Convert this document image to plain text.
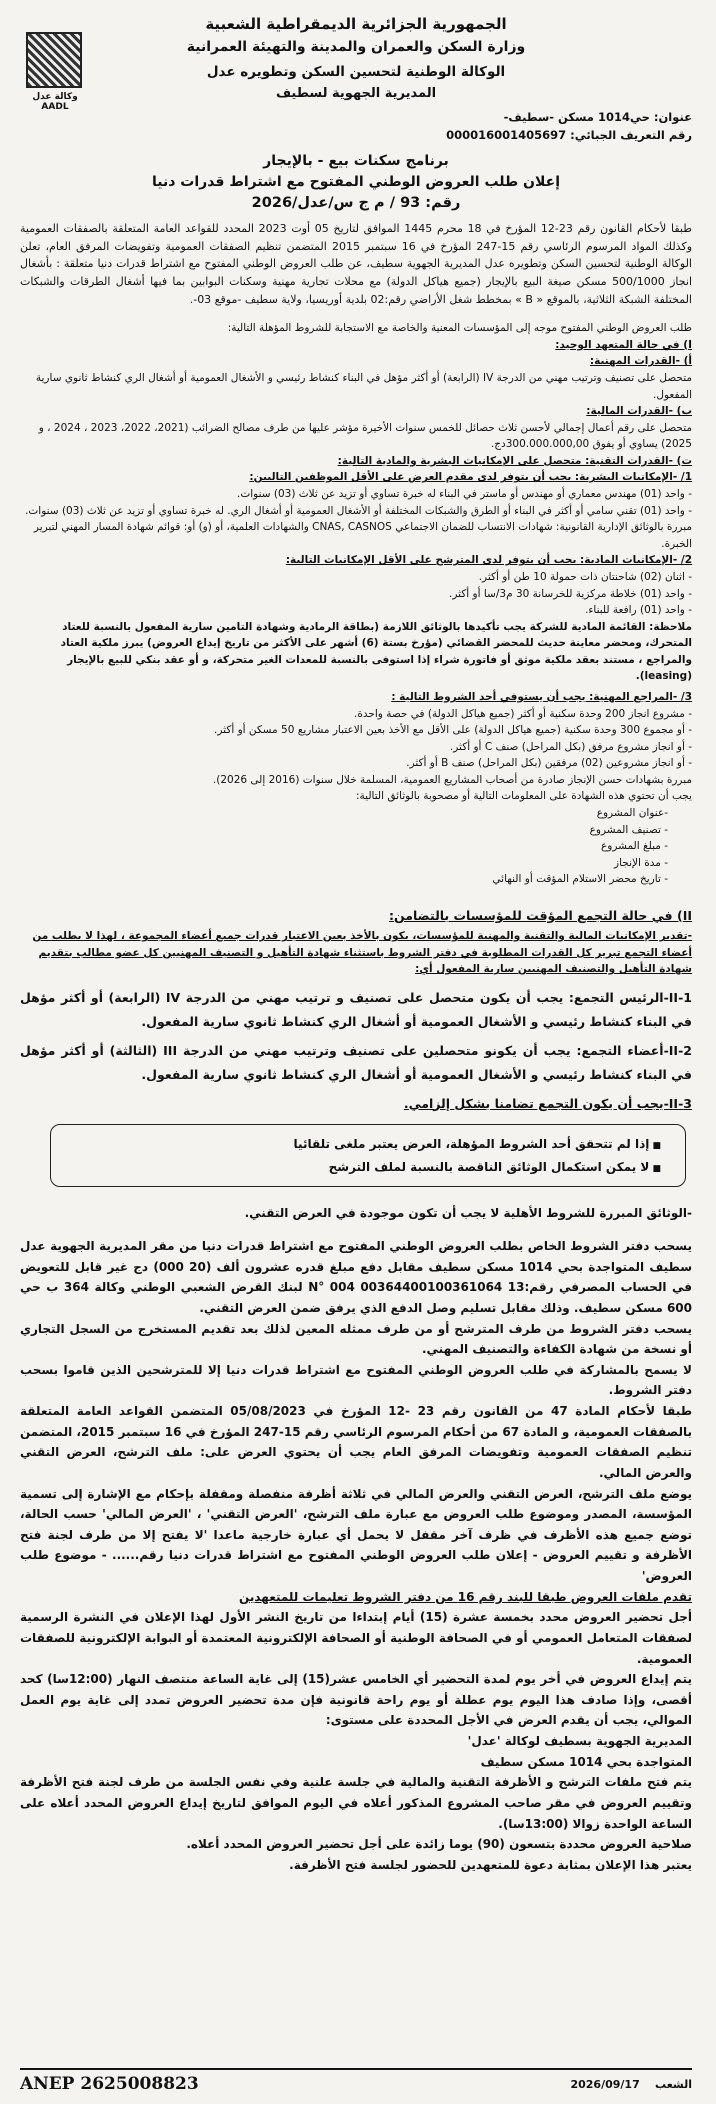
وكالة عدل AADL

الجمهورية الجزائرية الديمقراطية الشعبية

وزارة السكن والعمران والمدينة والتهيئة العمرانية

الوكالة الوطنية لتحسين السكن وتطويره عدل

المديرية الجهوية لسطيف

عنوان: حي1014 مسكن -سطيف-

رقم التعريف الجبائي: 000016001405697

برنامج سكنات بيع - بالإيجار

إعلان طلب العروض الوطني المفتوح مع اشتراط قدرات دنيا

رقم: 93 / م ج س/عدل/2026

طبقا لأحكام القانون رقم 23-12 المؤرخ في 18 محرم 1445 الموافق لتاريخ 05 أوت 2023 المحدد للقواعد العامة المتعلقة بالصفقات العمومية وكذلك المواد المرسوم الرئاسي رقم 15-247 المؤرخ في 16 سبتمبر 2015 المتضمن تنظيم الصفقات العمومية وتفويضات المرفق العام، تعلن الوكالة الوطنية لتحسين السكن وتطويره عدل المديرية الجهوية سطيف، عن طلب العروض الوطني المفتوح مع اشتراط قدرات دنيا متعلقة : بأشغال انجاز 500/1000 مسكن صيغة البيع بالإيجار (جميع هياكل الدولة) مع محلات تجارية مهنية وسكنات البوابين بما فيها أشغال الطرقات والشبكات المختلفة الشبكة الثلاثية، بالموقع « B » بمخطط شغل الأراضي رقم:02 بلدية أوريسيا، ولاية سطيف -موقع 03-.

طلب العروض الوطني المفتوح موجه إلى المؤسسات المعنية والخاصة مع الاستجابة للشروط المؤهلة التالية:

I) في حالة المتعهد الوحيد:

أ) -القدرات المهنية:

متحصل على تصنيف وترتيب مهني من الدرجة IV (الرابعة) أو أكثر مؤهل في البناء كنشاط رئيسي و الأشغال العمومية أو أشغال الري كنشاط ثانوي سارية المفعول.

ب) -القدرات المالية:

متحصل على رقم أعمال إجمالي لأحسن ثلاث حصائل للخمس سنوات الأخيرة مؤشر عليها من طرف مصالح الضرائب (2021، 2022، 2023 ، 2024 ، و 2025) يساوي أو يفوق 300.000.000,00دج.

ت) -القدرات التقنية: متحصل على الإمكانيات البشرية والمادية التالية:

1/ -الإمكانيات البشرية: يجب أن يتوفر لدى مقدم العرض على الأقل الموظفين التاليين:

- واحد (01) مهندس معماري أو مهندس أو ماستر في البناء له خبرة تساوي أو تزيد عن ثلاث (03) سنوات.
- واحد (01) تقني سامي أو أكثر في البناء أو الطرق والشبكات المختلفة أو الأشغال العمومية أو أشغال الري. له خبرة تساوي أو تزيد عن ثلاث (03) سنوات.
مبررة بالوثائق الإدارية القانونية: شهادات الانتساب للضمان الاجتماعي CNAS, CASNOS والشهادات العلمية، أو (و) أو: قوائم شهادة المسار المهني لتبرير الخبرة.

2/ -الإمكانيات المادية: يجب أن يتوفر لدى المترشح على الأقل الإمكانيات التالية:

- اثنان (02) شاحنتان ذات حمولة 10 طن أو أكثر.
- واحد (01) خلاطة مركزية للخرسانة 30 م3/سا أو أكثر.
- واحد (01) رافعة للبناء.

ملاحظة: القائمة المادية للشركة يجب تأكيدها بالوثائق اللازمة (بطاقة الرمادية وشهادة التامين سارية المفعول بالنسبة للعتاد المتحرك، ومحضر معاينة حديث للمحضر القضائي (مؤرخ بستة (6) أشهر على الأكثر من تاريخ إيداع العروض) يبرز ملكية العتاد والمراجع ، مستند بعقد ملكية موثق أو فاتورة شراء إذا استوفى بالنسبة للمعدات الغير متحركة، و أو عقد بنكي للبيع بالإيجار (leasing).

3/ -المراجع المهنية: يجب أن يستوفي أحد الشروط التالية :

- مشروع انجاز 200 وحدة سكنية أو أكثر (جميع هياكل الدولة) في حصة واحدة.
- أو مجموع 300 وحدة سكنية (جميع هياكل الدولة) على الأقل مع الأخذ بعين الاعتبار مشاريع 50 مسكن أو أكثر.
- أو انجاز مشروع مرفق (بكل المراحل) صنف C أو أكثر.
- أو انجاز مشروعين (02) مرفقين (بكل المراحل) صنف B أو أكثر.
مبررة بشهادات حسن الإنجاز صادرة من أصحاب المشاريع العمومية، المسلمة خلال سنوات (2016 إلى 2026).
يجب أن تحتوي هذه الشهادة على المعلومات التالية أو مصحوبة بالوثائق التالية:
-عنوان المشروع
- تصنيف المشروع
- مبلغ المشروع
- مدة الإنجاز
- تاريخ محضر الاستلام المؤقت أو النهائي

II) في حالة التجمع المؤقت للمؤسسات بالتضامن:

-تقدير الإمكانيات المالية والتقنية والمهنية للمؤسسات، يكون بالأخذ بعين الاعتبار قدرات جميع أعضاء المجموعة ، لهذا لا يطلب من أعضاء التجمع تبرير كل القدرات المطلوبة في دفتر الشروط باستثناء شهادة التأهيل و التصنيف المهنيين كل عضو مطالب بتقديم شهادة التأهيل والتصنيف المهنيين سارية المفعول أي:

1-II-الرئيس التجمع: يجب أن يكون متحصل على تصنيف و ترتيب مهني من الدرجة IV (الرابعة) أو أكثر مؤهل في البناء كنشاط رئيسي و الأشغال العمومية أو أشغال الري كنشاط ثانوي سارية المفعول.

2-II-أعضاء التجمع: يجب أن يكونو متحصلين على تصنيف وترتيب مهني من الدرجة III (الثالثة) أو أكثر مؤهل في البناء كنشاط رئيسي و الأشغال العمومية أو أشغال الري كنشاط ثانوي سارية المفعول.

3-II-يجب أن يكون التجمع تضامنا بشكل إلزامي.

■ إذا لم تتحقق أحد الشروط المؤهلة، العرض يعتبر ملغى تلقائيا
■ لا يمكن استكمال الوثائق الناقصة بالنسبة لملف الترشح

-الوثائق المبررة للشروط الأهلية لا يجب أن تكون موجودة في العرض التقني.

يسحب دفتر الشروط الخاص بطلب العروض الوطني المفتوح مع اشتراط قدرات دنيا من مقر المديرية الجهوية عدل سطيف المتواجدة بحي 1014 مسكن سطيف مقابل دفع مبلغ قدره عشرون ألف (20 000) دج غير قابل للتعويض في الحساب المصرفي رقم:13 00364400100361064 N° 004 لبنك القرض الشعبي الوطني وكالة 364 ب حي 600 مسكن سطيف. وذلك مقابل تسليم وصل الدفع الذي يرفق ضمن العرض التقني.

يسحب دفتر الشروط من طرف المترشح أو من طرف ممثله المعين لذلك بعد تقديم المستخرج من السجل التجاري أو نسخة من شهادة الكفاءة والتصنيف المهني.

لا يسمح بالمشاركة في طلب العروض الوطني المفتوح مع اشتراط قدرات دنيا إلا للمترشحين الذين قاموا بسحب دفتر الشروط.

طبقا لأحكام المادة 47 من القانون رقم 23 -12 المؤرخ في 05/08/2023 المتضمن القواعد العامة المتعلقة بالصفقات العمومية، و المادة 67 من أحكام المرسوم الرئاسي رقم 15-247 المؤرخ في 16 سبتمبر 2015، المتضمن تنظيم الصفقات العمومية وتفويضات المرفق العام يجب أن يحتوي العرض على: ملف الترشح، العرض التقني والعرض المالي.

يوضع ملف الترشح، العرض التقني والعرض المالي في ثلاثة أظرفة منفصلة ومقفلة بإحكام مع الإشارة إلى تسمية المؤسسة، المصدر وموضوع طلب العروض مع عبارة ملف الترشح، 'العرض التقني' ، 'العرض المالي' حسب الحالة، توضع جميع هذه الأظرف في ظرف آخر مقفل لا يحمل أي عبارة خارجية ماعدا 'لا يفتح إلا من طرف لجنة فتح الأظرفة و تقييم العروض - إعلان طلب العروض الوطني المفتوح مع اشتراط قدرات دنيا رقم...... - موضوع طلب العروض'

تقدم ملفات العروض طبقا للبند رقم 16 من دفتر الشروط تعليمات للمتعهدين

أجل تحضير العروض محدد بخمسة عشرة (15) أيام إبتداءا من تاريخ النشر الأول لهذا الإعلان في النشرة الرسمية لصفقات المتعامل العمومي أو في الصحافة الوطنية أو الصحافة الإلكترونية المعتمدة أو البوابة الإلكترونية للصفقات العمومية.

يتم إيداع العروض في أخر يوم لمدة التحضير أي الخامس عشر(15) إلى غاية الساعة منتصف النهار (12:00سا) كحد أقصى، وإذا صادف هذا اليوم يوم عطلة أو يوم راحة قانونية فإن مدة تحضير العروض تمدد إلى غاية يوم العمل الموالي، يجب أن يقدم العرض في الأجل المحددة على مستوى:

المديرية الجهوية بسطيف لوكالة 'عدل'

المتواجدة بحي 1014 مسكن سطيف

يتم فتح ملفات الترشح و الأظرفة التقنية والمالية في جلسة علنية وفي نفس الجلسة من طرف لجنة فتح الأظرفة وتقييم العروض في مقر صاحب المشروع المذكور أعلاه في اليوم الموافق لتاريخ إيداع العروض المحدد أعلاه على الساعة الواحدة زوالا (13:00سا).

صلاحية العروض محددة بتسعون (90) يوما زائدة على أجل تحضير العروض المحدد أعلاه.

يعتبر هذا الإعلان بمثابة دعوة للمتعهدين للحضور لجلسة فتح الأظرفة.

ANEP 2625008823	الشعب    2026/09/17
